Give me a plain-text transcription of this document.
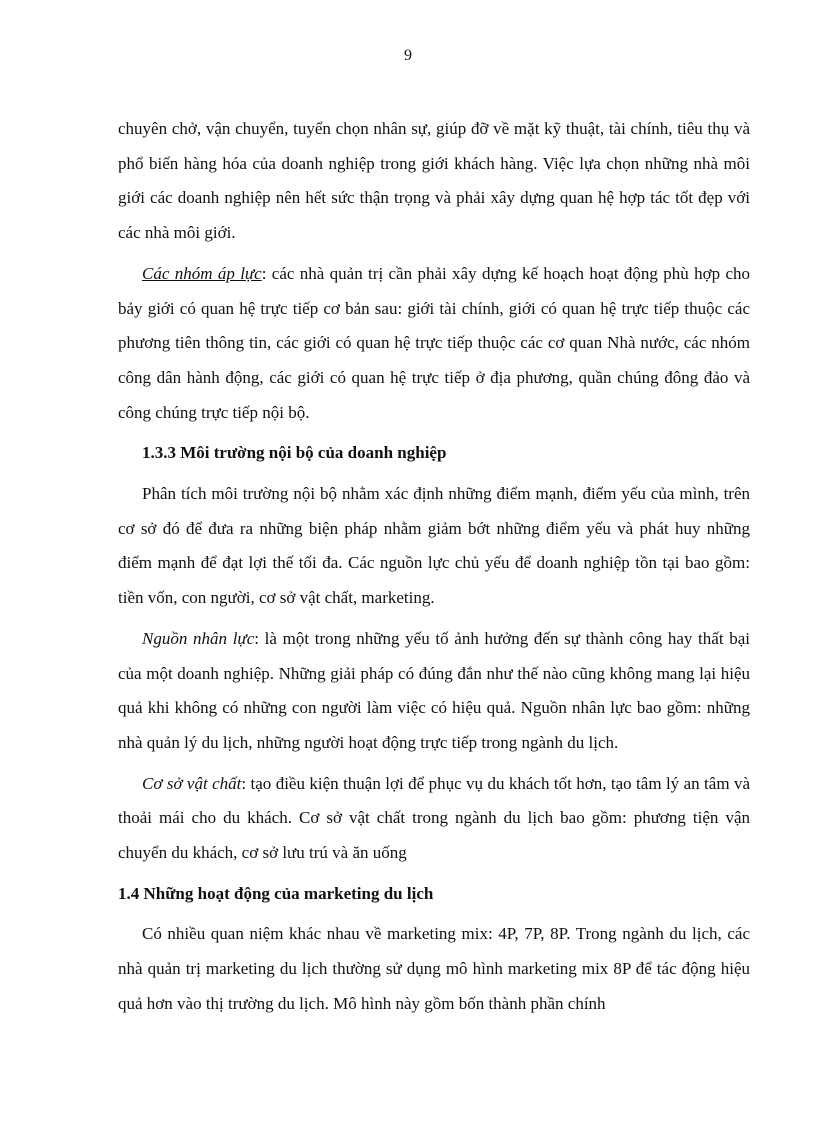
9

chuyên chở, vận chuyển, tuyển chọn nhân sự, giúp đỡ về mặt kỹ thuật, tài chính, tiêu thụ và phổ biến hàng hóa của doanh nghiệp trong giới khách hàng. Việc lựa chọn những nhà môi giới các doanh nghiệp nên hết sức thận trọng và phải xây dựng quan hệ hợp tác tốt đẹp với các nhà môi giới.

Các nhóm áp lực: các nhà quản trị cần phải xây dựng kế hoạch hoạt động phù hợp cho bảy giới có quan hệ trực tiếp cơ bản sau: giới tài chính, giới có quan hệ trực tiếp thuộc các phương tiên thông tin, các giới có quan hệ trực tiếp thuộc các cơ quan Nhà nước, các nhóm công dân hành động, các giới có quan hệ trực tiếp ở địa phương, quần chúng đông đảo và công chúng trực tiếp nội bộ.

1.3.3 Môi trường nội bộ của doanh nghiệp

Phân tích môi trường nội bộ nhằm xác định những điểm mạnh, điểm yếu của mình, trên cơ sở đó để đưa ra những biện pháp nhằm giảm bớt những điểm yếu và phát huy những điểm mạnh để đạt lợi thế tối đa. Các nguồn lực chủ yếu để doanh nghiệp tồn tại bao gồm: tiền vốn, con người, cơ sở vật chất, marketing.

Nguồn nhân lực: là một trong những yếu tố ảnh hưởng đến sự thành công hay thất bại của một doanh nghiệp. Những giải pháp có đúng đắn như thế nào cũng không mang lại hiệu quả khi không có những con người làm việc có hiệu quả. Nguồn nhân lực bao gồm: những nhà quản lý du lịch, những người hoạt động trực tiếp trong ngành du lịch.

Cơ sở vật chất: tạo điều kiện thuận lợi để phục vụ du khách tốt hơn, tạo tâm lý an tâm và thoải mái cho du khách. Cơ sở vật chất trong ngành du lịch bao gồm: phương tiện vận chuyển du khách, cơ sở lưu trú và ăn uống

1.4 Những hoạt động của marketing du lịch

Có nhiều quan niệm khác nhau về marketing mix: 4P, 7P, 8P. Trong ngành du lịch, các nhà quản trị marketing du lịch thường sử dụng mô hình marketing mix 8P để tác động hiệu quả hơn vào thị trường du lịch. Mô hình này gồm bốn thành phần chính
